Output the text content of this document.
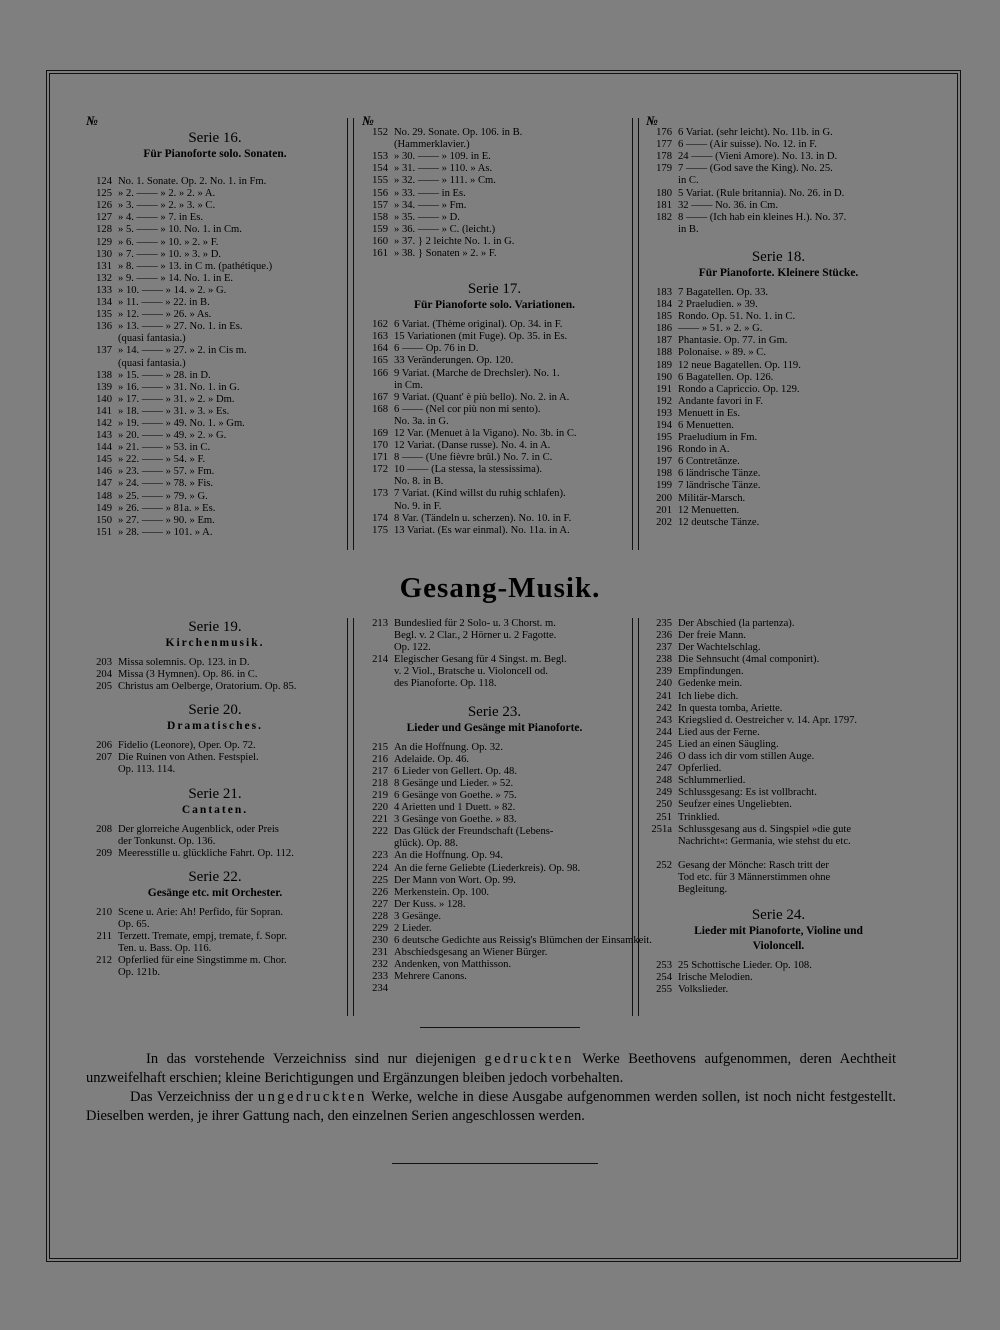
№
Serie 16.
Für Pianoforte solo. Sonaten.
124 No. 1. Sonate. Op. 2. No. 1. in Fm.
125 » 2. —— » 2. » 2. » A.
126 » 3. —— » 2. » 3. » C.
127 » 4. —— » 7. in Es.
128 » 5. —— » 10. No. 1. in Cm.
129 » 6. —— » 10. » 2. » F.
130 » 7. —— » 10. » 3. » D.
131 » 8. —— » 13. in C m. (pathétique.)
132 » 9. —— » 14. No. 1. in E.
133 » 10. —— » 14. » 2. » G.
134 » 11. —— » 22. in B.
135 » 12. —— » 26. » As.
136 » 13. —— » 27. No. 1. in Es.
(quasi fantasia.)
137 » 14. —— » 27. » 2. in Cis m.
(quasi fantasia.)
138 » 15. —— » 28. in D.
139 » 16. —— » 31. No. 1. in G.
140 » 17. —— » 31. » 2. » Dm.
141 » 18. —— » 31. » 3. » Es.
142 » 19. —— » 49. No. 1. » Gm.
143 » 20. —— » 49. » 2. » G.
144 » 21. —— » 53. in C.
145 » 22. —— » 54. » F.
146 » 23. —— » 57. » Fm.
147 » 24. —— » 78. » Fis.
148 » 25. —— » 79. » G.
149 » 26. —— » 81a. » Es.
150 » 27. —— » 90. » Em.
151 » 28. —— » 101. » A.
№
152 No. 29. Sonate. Op. 106. in B.
(Hammerklavier.)
153 » 30. —— » 109. in E.
154 » 31. —— » 110. » As.
155 » 32. —— » 111. » Cm.
156 » 33. —— in Es.
157 » 34. —— » Fm.
158 » 35. —— » D.
159 » 36. —— » C. (leicht.)
160 » 37. } 2 leichte No. 1. in G.
161 » 38. } Sonaten » 2. » F.
Serie 17.
Für Pianoforte solo. Variationen.
162 6 Variat. (Thème original). Op. 34. in F.
163 15 Variationen (mit Fuge). Op. 35. in Es.
164 6 —— Op. 76 in D.
165 33 Veränderungen. Op. 120.
166 9 Variat. (Marche de Drechsler). No. 1.
in Cm.
167 9 Variat. (Quant' è più bello). No. 2. in A.
168 6 —— (Nel cor più non mi sento).
No. 3a. in G.
169 12 Var. (Menuet à la Vigano). No. 3b. in C.
170 12 Variat. (Danse russe). No. 4. in A.
171 8 —— (Une fièvre brûl.) No. 7. in C.
172 10 —— (La stessa, la stessissima).
No. 8. in B.
173 7 Variat. (Kind willst du ruhig schlafen).
No. 9. in F.
174 8 Var. (Tändeln u. scherzen). No. 10. in F.
175 13 Variat. (Es war einmal). No. 11a. in A.
№
176 6 Variat. (sehr leicht). No. 11b. in G.
177 6 —— (Air suisse). No. 12. in F.
178 24 —— (Vieni Amore). No. 13. in D.
179 7 —— (God save the King). No. 25.
in C.
180 5 Variat. (Rule britannia). No. 26. in D.
181 32 —— No. 36. in Cm.
182 8 —— (Ich hab ein kleines H.). No. 37.
in B.
Serie 18.
Für Pianoforte. Kleinere Stücke.
183 7 Bagatellen. Op. 33.
184 2 Praeludien. » 39.
185 Rondo. Op. 51. No. 1. in C.
186 —— » 51. » 2. » G.
187 Phantasie. Op. 77. in Gm.
188 Polonaise. » 89. » C.
189 12 neue Bagatellen. Op. 119.
190 6 Bagatellen. Op. 126.
191 Rondo a Capriccio. Op. 129.
192 Andante favori in F.
193 Menuett in Es.
194 6 Menuetten.
195 Praeludium in Fm.
196 Rondo in A.
197 6 Contretänze.
198 6 ländrische Tänze.
199 7 ländrische Tänze.
200 Militär-Marsch.
201 12 Menuetten.
202 12 deutsche Tänze.
Gesang-Musik.
Serie 19.
Kirchenmusik.
203 Missa solemnis. Op. 123. in D.
204 Missa (3 Hymnen). Op. 86. in C.
205 Christus am Oelberge, Oratorium. Op. 85.
Serie 20.
Dramatisches.
206 Fidelio (Leonore), Oper. Op. 72.
207 Die Ruinen von Athen. Festspiel.
Op. 113. 114.
Serie 21.
Cantaten.
208 Der glorreiche Augenblick, oder Preis
der Tonkunst. Op. 136.
209 Meeresstille u. glückliche Fahrt. Op. 112.
Serie 22.
Gesänge etc. mit Orchester.
210 Scene u. Arie: Ah! Perfido, für Sopran.
Op. 65.
211 Terzett. Tremate, empj, tremate, f. Sopr.
Ten. u. Bass. Op. 116.
212 Opferlied für eine Singstimme m. Chor.
Op. 121b.
213 Bundeslied für 2 Solo- u. 3 Chorst. m.
Begl. v. 2 Clar., 2 Hörner u. 2 Fagotte.
Op. 122.
214 Elegischer Gesang für 4 Singst. m. Begl.
v. 2 Viol., Bratsche u. Violoncell od.
des Pianoforte. Op. 118.
Serie 23.
Lieder und Gesänge mit Pianoforte.
215 An die Hoffnung. Op. 32.
216 Adelaide. Op. 46.
217 6 Lieder von Gellert. Op. 48.
218 8 Gesänge und Lieder. » 52.
219 6 Gesänge von Goethe. » 75.
220 4 Arietten und 1 Duett. » 82.
221 3 Gesänge von Goethe. » 83.
222 Das Glück der Freundschaft (Lebens-
glück). Op. 88.
223 An die Hoffnung. Op. 94.
224 An die ferne Geliebte (Liederkreis). Op. 98.
225 Der Mann von Wort. Op. 99.
226 Merkenstein. Op. 100.
227 Der Kuss. » 128.
228 3 Gesänge.
229 2 Lieder.
230 6 deutsche Gedichte aus Reissig's Blümchen der Einsamkeit.
231 Abschiedsgesang an Wiener Bürger.
232 Andenken, von Matthisson.
233 Mehrere Canons.
234
235 Der Abschied (la partenza).
236 Der freie Mann.
237 Der Wachtelschlag.
238 Die Sehnsucht (4mal componirt).
239 Empfindungen.
240 Gedenke mein.
241 Ich liebe dich.
242 In questa tomba, Ariette.
243 Kriegslied d. Oestreicher v. 14. Apr. 1797.
244 Lied aus der Ferne.
245 Lied an einen Säugling.
246 O dass ich dir vom stillen Auge.
247 Opferlied.
248 Schlummerlied.
249 Schlussgesang: Es ist vollbracht.
250 Seufzer eines Ungeliebten.
251 Trinklied.
251a Schlussgesang aus d. Singspiel »die gute
Nachricht«: Germania, wie stehst du etc.
252 Gesang der Mönche: Rasch tritt der
Tod etc. für 3 Männerstimmen ohne
Begleitung.
Serie 24.
Lieder mit Pianoforte, Violine und
Violoncell.
253 25 Schottische Lieder. Op. 108.
254 Irische Melodien.
255 Volkslieder.
In das vorstehende Verzeichniss sind nur diejenigen gedruckten Werke Beethovens aufgenommen, deren Aechtheit unzweifelhaft erschien; kleine Berichtigungen und Ergänzungen bleiben jedoch vorbehalten.
Das Verzeichniss der ungedruckten Werke, welche in diese Ausgabe aufgenommen werden sollen, ist noch nicht festgestellt. Dieselben werden, je ihrer Gattung nach, den einzelnen Serien angeschlossen werden.
